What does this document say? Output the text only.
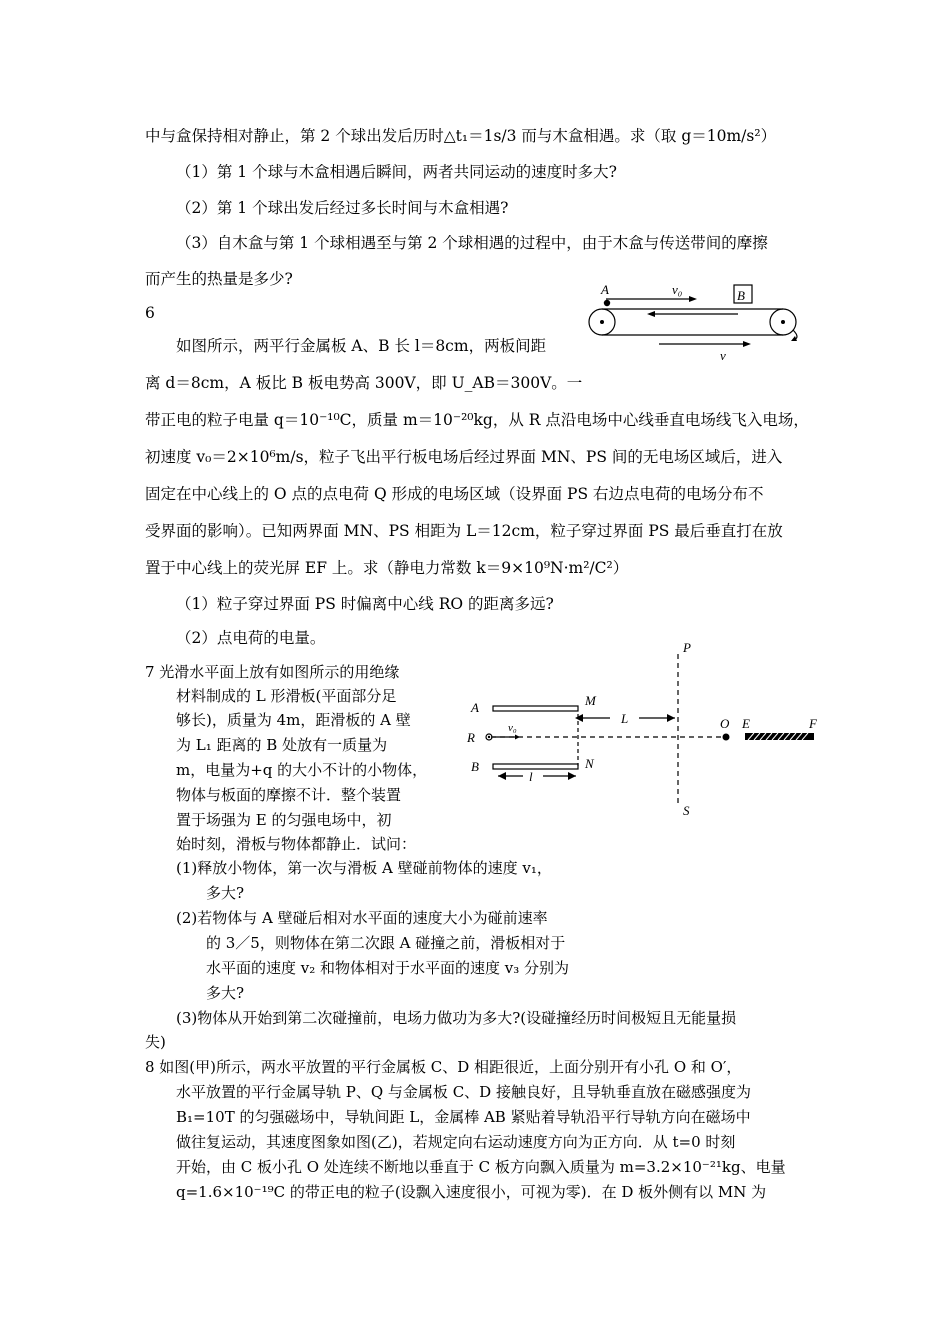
中与盒保持相对静止，第 2 个球出发后历时△t₁＝1s/3 而与木盒相遇。求（取 g＝10m/s²）
（1）第 1 个球与木盒相遇后瞬间，两者共同运动的速度时多大?
（2）第 1 个球出发后经过多长时间与木盒相遇?
（3）自木盒与第 1 个球相遇至与第 2 个球相遇的过程中，由于木盒与传送带间的摩擦
而产生的热量是多少?
6
如图所示，两平行金属板 A、B 长 l＝8cm，两板间距
离 d＝8cm，A 板比 B 板电势高 300V，即 U_AB＝300V。一
带正电的粒子电量 q＝10⁻¹⁰C，质量 m＝10⁻²⁰kg，从 R 点沿电场中心线垂直电场线飞入电场，
初速度 v₀＝2×10⁶m/s，粒子飞出平行板电场后经过界面 MN、PS 间的无电场区域后，进入
固定在中心线上的 O 点的点电荷 Q 形成的电场区域（设界面 PS 右边点电荷的电场分布不
受界面的影响）。已知两界面 MN、PS 相距为 L＝12cm，粒子穿过界面 PS 最后垂直打在放
置于中心线上的荧光屏 EF 上。求（静电力常数 k＝9×10⁹N·m²/C²）
（1）粒子穿过界面 PS 时偏离中心线 RO 的距离多远?
（2）点电荷的电量。
7 光滑水平面上放有如图所示的用绝缘
材料制成的 L 形滑板(平面部分足
够长)，质量为 4m，距滑板的 A 壁
为 L₁ 距离的 B 处放有一质量为
m，电量为+q 的大小不计的小物体，
物体与板面的摩擦不计．整个装置
置于场强为 E 的匀强电场中，初
始时刻，滑板与物体都静止．试问：
(1)释放小物体，第一次与滑板 A 壁碰前物体的速度 v₁，
多大?
(2)若物体与 A 壁碰后相对水平面的速度大小为碰前速率
的 3／5，则物体在第二次跟 A 碰撞之前，滑板相对于
水平面的速度 v₂ 和物体相对于水平面的速度 v₃ 分别为
多大?
(3)物体从开始到第二次碰撞前，电场力做功为多大?(设碰撞经历时间极短且无能量损
失)
8 如图(甲)所示，两水平放置的平行金属板 C、D 相距很近，上面分别开有小孔 O 和 O′，
水平放置的平行金属导轨 P、Q 与金属板 C、D 接触良好，且导轨垂直放在磁感强度为
B₁=10T 的匀强磁场中，导轨间距 L，金属棒 AB 紧贴着导轨沿平行导轨方向在磁场中
做往复运动，其速度图象如图(乙)，若规定向右运动速度方向为正方向．从 t=0 时刻
开始，由 C 板小孔 O 处连续不断地以垂直于 C 板方向飘入质量为 m=3.2×10⁻²¹kg、电量
q=1.6×10⁻¹⁹C 的带正电的粒子(设飘入速度很小，可视为零)．在 D 板外侧有以 MN 为
A	v₀	B
v
P
S
A
B
M
N
R
v₀
L
l
O E	F
